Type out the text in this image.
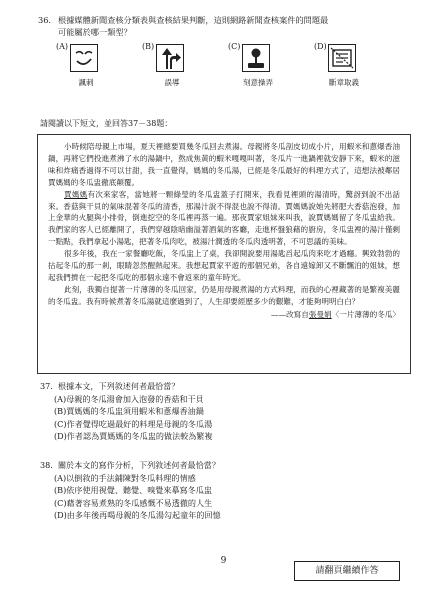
36. 根據媒體新聞查核分類表與查核結果判斷，這則網路新聞查核案件的問題最
可能屬於哪一類型？
(A)
諷刺
(B)
誤導
(C)
刻意操弄
(D)
斷章取義
請閱讀以下短文，並回答37－38題：

小時候陪母親上市場，夏天裡總要買幾冬瓜回去煮湯。母親將冬瓜剖皮切成小片，用蝦米和蔥爆香油鍋，再將它們投進煮沸了水的湯鍋中，熬成焦黃的蝦米嘎嘎叫著，冬瓜片一進鍋裡就安靜下來，蝦米的滋味和炸痛香過得不可以甘甜，我一直覺得，媽媽的冬瓜湯，已經是冬瓜最好的料理方式了，這想法被鄰居賈媽媽的冬瓜盅徹底顛覆。

賈媽媽有次來家客，當她將一顆綠瑩的冬瓜盅蓋子打開來，我看見裡頭的湯清時，驚訝到說不出話來。香菇與干貝的氣味混著冬瓜的清香，那湯汁說不得混也說不得清。賈媽媽說她先將肥大香菇泡發，加上金華的火腿與小排骨，倒進挖空的冬瓜裡再蒸一遍。那夜賈家姐妹來叫我，說賈媽媽留了冬瓜盅給我。我們家的客人已經離開了，我們穿越陰暗幽溢著酒氣的客廳，走進杯盤狼藉的廚房，冬瓜盅裡的湯汁僅剩一點點，我們拿起小湯匙，把著冬瓜肉吃，被湯汁潤透的冬瓜肉透明著，不可思議的美味。

很多年後，我在一家餐廳吃飯，冬瓜盅上了桌，我卻開說要用湯匙舀起瓜肉來吃才過癮。興致勃勃的拈起冬瓜的那一剎，眼睛忽然醒熱起來。我想起賈家平遊的那個兄弟，各自遠嫁卸又不斷飄泊的姐妹，想起我們擠在一起把冬瓜吃的那個永遠不會返來的童年時光。

此刻，我獨自提著一片薄薄的冬瓜回家，仍是用母親煮湯的方式料理，而我的心裡藏著的是繁複美麗的冬瓜盅。我有時候煮著冬瓜湯就這麼過到了，人生卻要經歷多少的艱難，才能夠明明白白？

——改寫自張曼娟〈一片薄薄的冬瓜〉
37. 根據本文，下列敘述何者最恰當？
(A)母親的冬瓜湯會加入泡發的香菇和干貝
(B)賈媽媽的冬瓜盅須用蝦米和蔥爆香油鍋
(C)作者覺得吃過最好的料理是母親的冬瓜湯
(D)作者認為賈媽媽的冬瓜盅的做法較為繁複
38. 關於本文的寫作分析，下列敘述何者最恰當？
(A)以倒敘的手法鋪陳對冬瓜料理的情感
(B)依序使用視覺、聽覺、嗅覺來摹寫冬瓜盅
(C)藉著容易煮熟的冬瓜感慨不易透徹的人生
(D)由多年後再喝母親的冬瓜湯勾起童年的回憶
9
請翻頁繼續作答
